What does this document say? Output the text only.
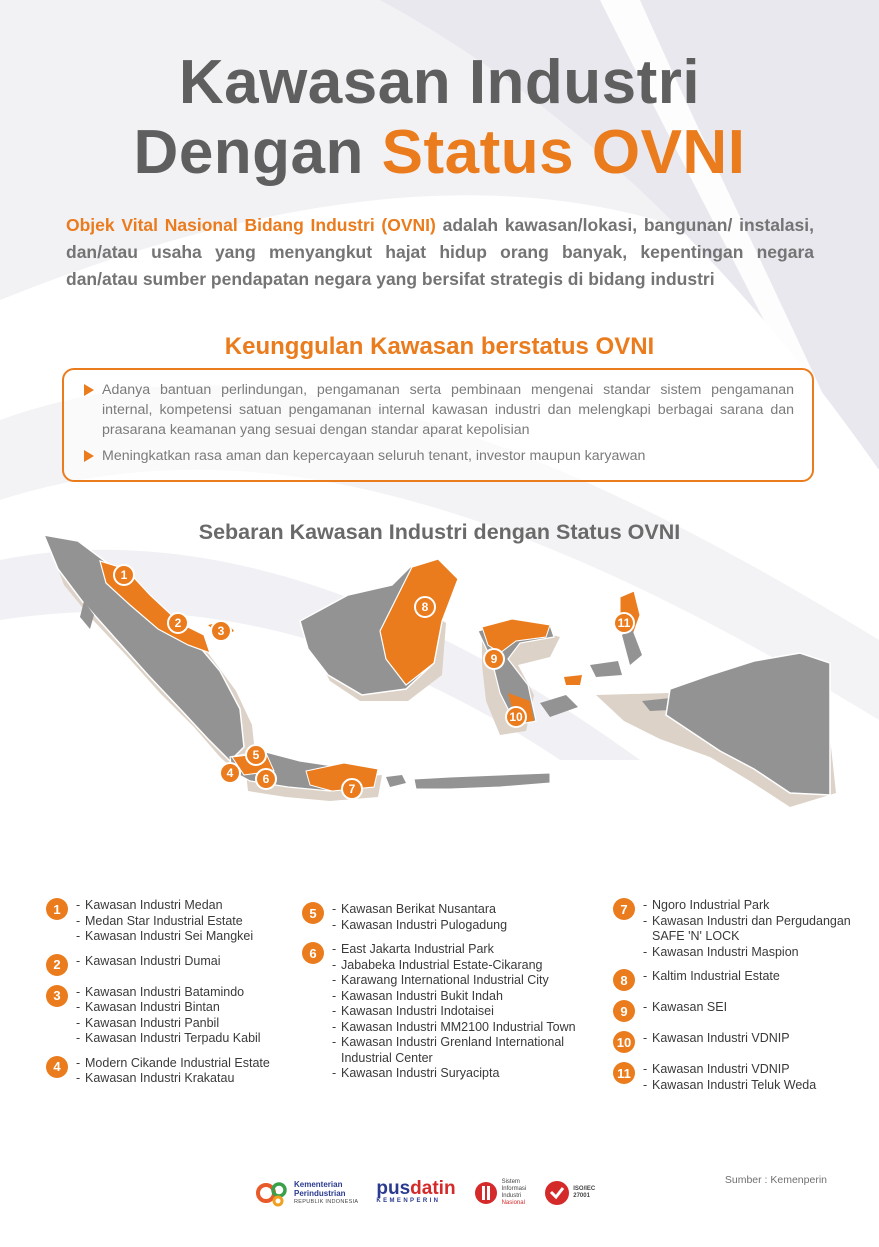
Kawasan Industri
Dengan Status OVNI
Objek Vital Nasional Bidang Industri (OVNI) adalah kawasan/lokasi, bangunan/ instalasi, dan/atau usaha yang menyangkut hajat hidup orang banyak, kepentingan negara dan/atau sumber pendapatan negara yang bersifat strategis di bidang industri
Keunggulan Kawasan berstatus OVNI
Adanya bantuan perlindungan, pengamanan serta pembinaan mengenai standar sistem pengamanan internal, kompetensi satuan pengamanan internal kawasan industri dan melengkapi berbagai sarana dan prasarana keamanan yang sesuai dengan standar aparat kepolisian
Meningkatkan rasa aman dan kepercayaan seluruh tenant, investor maupun karyawan
Sebaran Kawasan Industri dengan Status OVNI
1
2
3
4
5
6
7
8
9
10
11
1	- Kawasan Industri Medan
- Medan Star Industrial Estate
- Kawasan Industri Sei Mangkei
2	- Kawasan Industri Dumai
3	- Kawasan Industri Batamindo
- Kawasan Industri Bintan
- Kawasan Industri Panbil
- Kawasan Industri Terpadu Kabil
4	- Modern Cikande Industrial Estate
- Kawasan Industri Krakatau
5	- Kawasan Berikat Nusantara
- Kawasan Industri Pulogadung
6	- East Jakarta Industrial Park
- Jababeka Industrial Estate-Cikarang
- Karawang International Industrial City
- Kawasan Industri Bukit Indah
- Kawasan Industri Indotaisei
- Kawasan Industri MM2100 Industrial Town
- Kawasan Industri Grenland International Industrial Center
- Kawasan Industri Suryacipta
7	- Ngoro Industrial Park
- Kawasan Industri dan Pergudangan SAFE 'N' LOCK
- Kawasan Industri Maspion
8	- Kaltim Industrial Estate
9	- Kawasan SEI
10	- Kawasan Industri VDNIP
11	- Kawasan Industri VDNIP
- Kawasan Industri Teluk Weda
Sumber : Kemenperin
Kementerian
Perindustrian
REPUBLIK INDONESIA
pusdatin
KEMENPERIN
Sistem
Informasi
Industri
Nasional
ISO/IEC
27001
